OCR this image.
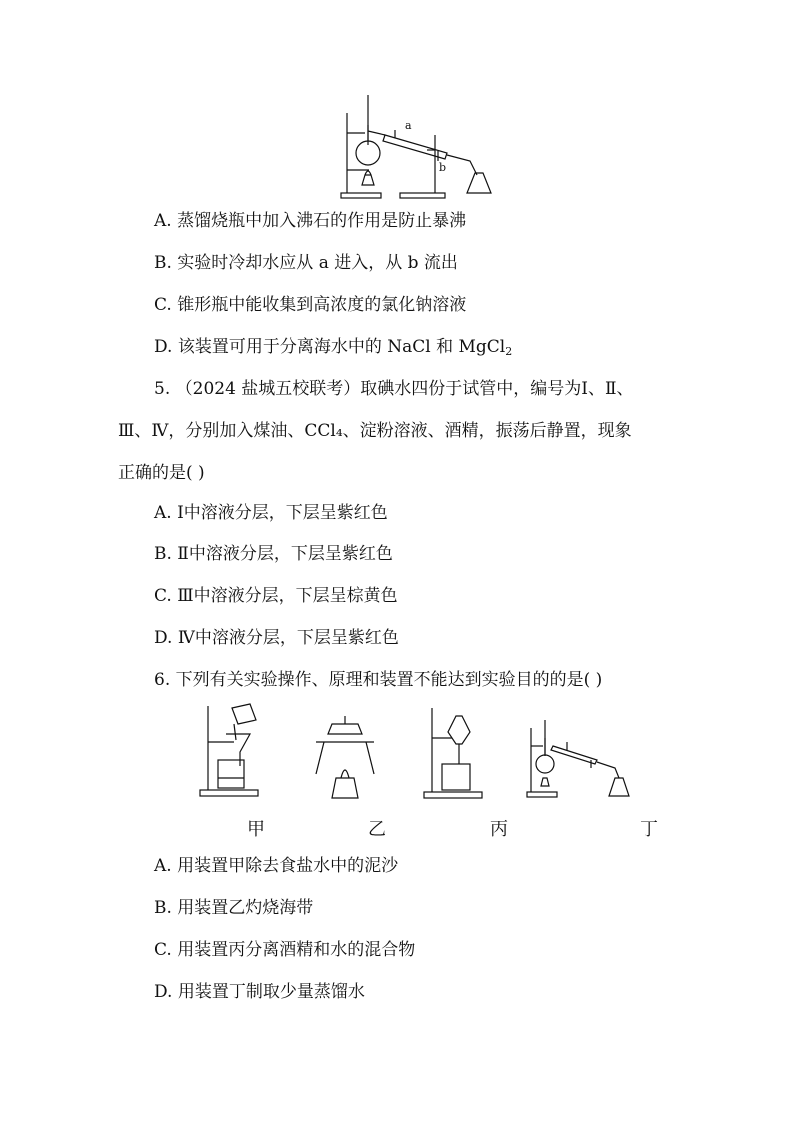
a
b
A. 蒸馏烧瓶中加入沸石的作用是防止暴沸
B. 实验时冷却水应从 a 进入，从 b 流出
C. 锥形瓶中能收集到高浓度的氯化钠溶液
D. 该装置可用于分离海水中的 NaCl 和 MgCl$_2$
5. （2024 盐城五校联考）取碘水四份于试管中，编号为Ⅰ、Ⅱ、
Ⅲ、Ⅳ，分别加入煤油、CCl₄、淀粉溶液、酒精，振荡后静置，现象
正确的是( )
A. Ⅰ中溶液分层，下层呈紫红色
B. Ⅱ中溶液分层，下层呈紫红色
C. Ⅲ中溶液分层，下层呈棕黄色
D. Ⅳ中溶液分层，下层呈紫红色
6. 下列有关实验操作、原理和装置不能达到实验目的的是( )
甲	乙	丙	丁
A. 用装置甲除去食盐水中的泥沙
B. 用装置乙灼烧海带
C. 用装置丙分离酒精和水的混合物
D. 用装置丁制取少量蒸馏水
